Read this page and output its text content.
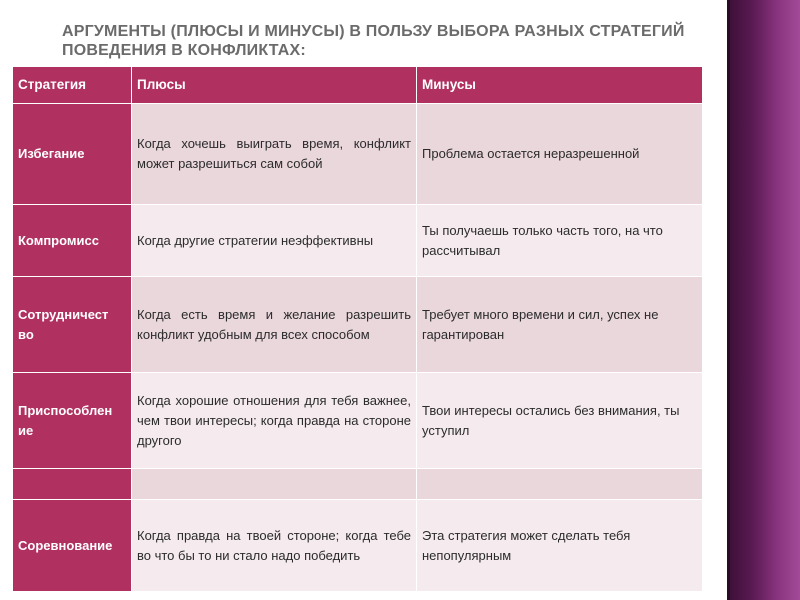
АРГУМЕНТЫ (ПЛЮСЫ И МИНУСЫ) В ПОЛЬЗУ ВЫБОРА РАЗНЫХ СТРАТЕГИЙ ПОВЕДЕНИЯ В КОНФЛИКТАХ:
Стратегия	Плюсы	Минусы
Избегание	Когда хочешь выиграть время, конфликт может разрешиться сам собой	Проблема остается неразрешенной
Компромисс	Когда другие стратегии неэффективны	Ты получаешь только часть того, на что рассчитывал
Сотрудничест во	Когда есть время и желание разрешить конфликт удобным для всех способом	Требует много времени и сил, успех не гарантирован
Приспособлен ие	Когда хорошие отношения для тебя важнее, чем твои интересы; когда правда на стороне другого	Твои интересы остались без внимания, ты уступил

Соревнование	Когда правда на твоей стороне; когда тебе во что бы то ни стало надо победить	Эта стратегия может сделать тебя непопулярным
